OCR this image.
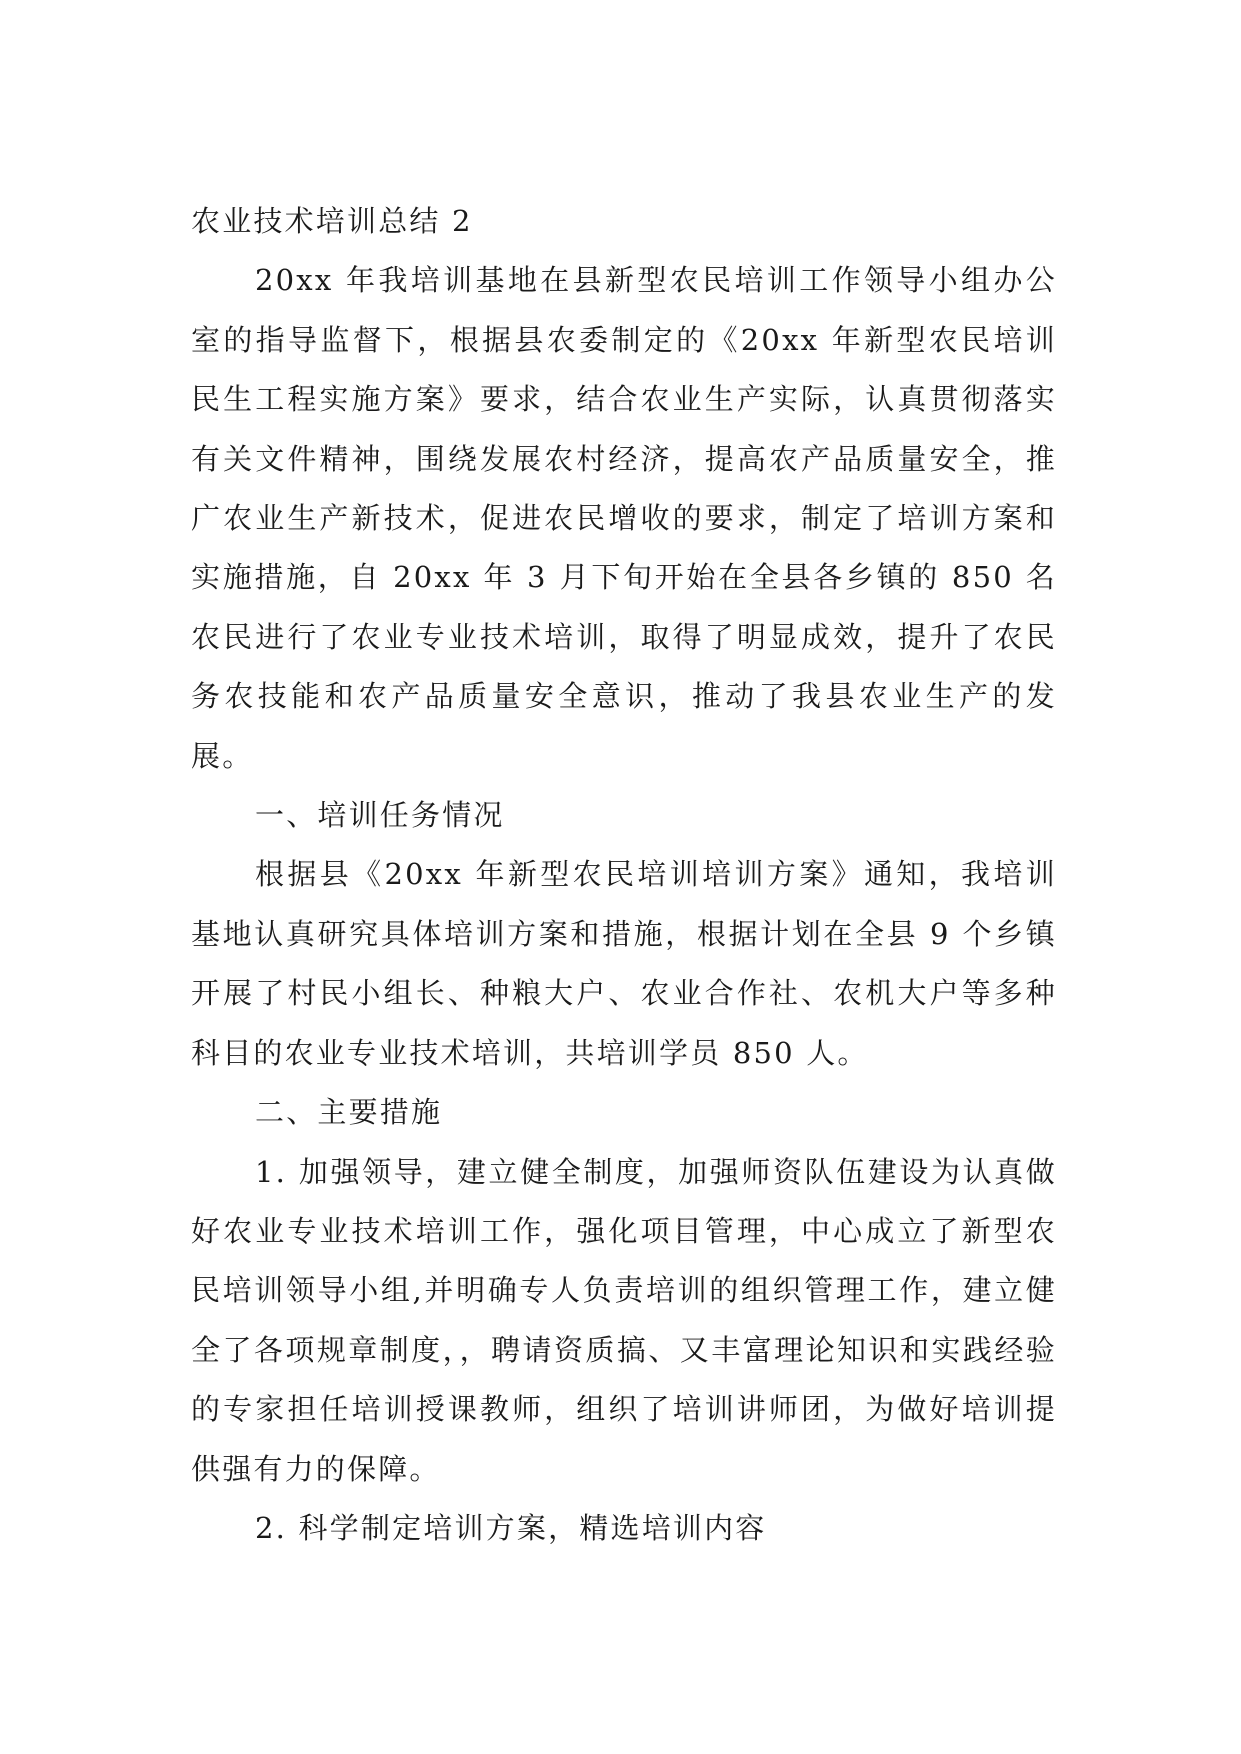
农业技术培训总结 2

20xx 年我培训基地在县新型农民培训工作领导小组办公室的指导监督下，根据县农委制定的《20xx 年新型农民培训民生工程实施方案》要求，结合农业生产实际，认真贯彻落实有关文件精神，围绕发展农村经济，提高农产品质量安全，推广农业生产新技术，促进农民增收的要求，制定了培训方案和实施措施，自 20xx 年 3 月下旬开始在全县各乡镇的 850 名农民进行了农业专业技术培训，取得了明显成效，提升了农民务农技能和农产品质量安全意识，推动了我县农业生产的发展。

一、培训任务情况

根据县《20xx 年新型农民培训培训方案》通知，我培训基地认真研究具体培训方案和措施，根据计划在全县 9 个乡镇开展了村民小组长、种粮大户、农业合作社、农机大户等多种科目的农业专业技术培训，共培训学员 850 人。

二、主要措施

1. 加强领导，建立健全制度，加强师资队伍建设为认真做好农业专业技术培训工作，强化项目管理，中心成立了新型农民培训领导小组,并明确专人负责培训的组织管理工作，建立健全了各项规章制度，，聘请资质搞、又丰富理论知识和实践经验的专家担任培训授课教师，组织了培训讲师团，为做好培训提供强有力的保障。

2. 科学制定培训方案，精选培训内容
